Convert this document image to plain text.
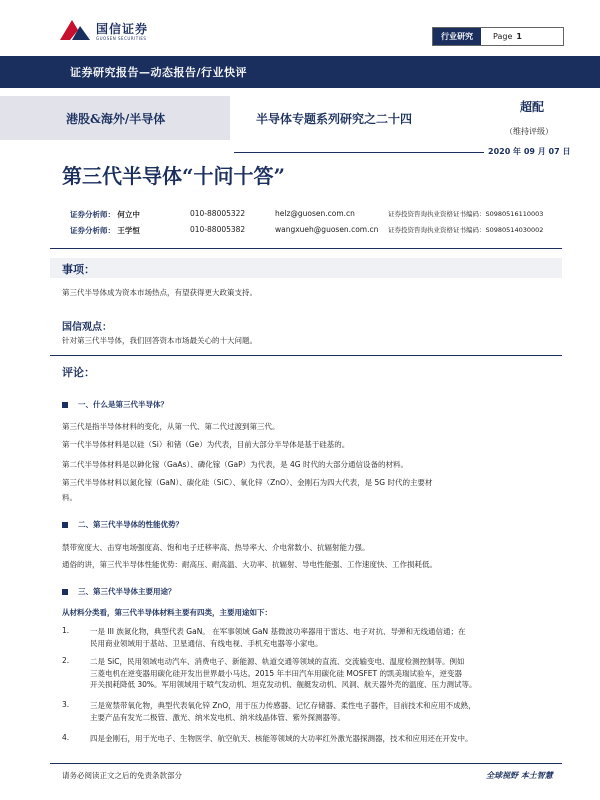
国信证券
GUOSEN SECURITIES	行业研究	Page 1
证券研究报告—动态报告/行业快评
港股&海外/半导体	半导体专题系列研究之二十四
超配
（维持评级）
2020 年 09 月 07 日
第三代半导体“十问十答”
证券分析师： 何立中	010-88005322	helz@guosen.com.cn	证券投资咨询执业资格证书编码：S0980516110003
证券分析师： 王学恒	010-88005382	wangxueh@guosen.com.cn 证券投资咨询执业资格证书编码：S0980514030002
事项：
第三代半导体成为资本市场热点，有望获得更大政策支持。
国信观点：
针对第三代半导体，我们回答资本市场最关心的十大问题。
评论：
一、什么是第三代半导体？
第三代是指半导体材料的变化，从第一代、第二代过渡到第三代。
第一代半导体材料是以硅（Si）和锗（Ge）为代表，目前大部分半导体是基于硅基的。
第二代半导体材料是以砷化镓（GaAs）、磷化镓（GaP）为代表，是 4G 时代的大部分通信设备的材料。
第三代半导体材料以氮化镓（GaN）、碳化硅（SiC）、氧化锌（ZnO）、金刚石为四大代表，是 5G 时代的主要材
料。
二、第三代半导体的性能优势？
禁带宽度大、击穿电场强度高、饱和电子迁移率高、热导率大、介电常数小、抗辐射能力强。
通俗的讲，第三代半导体性能优势：耐高压、耐高温、大功率、抗辐射、导电性能强、工作速度快、工作损耗低。
三、第三代半导体主要用途？
从材料分类看，第三代半导体材料主要有四类，主要用途如下：
1.	一是 III 族氮化物，典型代表 GaN。 在军事领域 GaN 基微波功率器用于雷达、电子对抗、导弹和无线通信通；在
民用商业领域用于基站、卫星通信、有线电视、手机充电器等小家电。
2.	二是 SiC，民用领域电动汽车、消费电子、新能源、轨道交通等领域的直流、交流输变电、温度检测控制等。例如
三菱电机在逆变器用碳化硅开发出世界最小马达。2015 年丰田汽车用碳化硅 MOSFET 的凯美瑞试验车，逆变器
开关损耗降低 30%。军用领域用于喷气发动机、坦克发动机、舰艇发动机、风洞、航天器外壳的温度、压力测试等。
3.	三是宽禁带氧化物，典型代表氧化锌 ZnO，用于压力传感器、记忆存储器、柔性电子器件，目前技术和应用不成熟，
主要产品有发光二极管、激光、纳米发电机、纳米线晶体管、紫外探测器等。
4.	四是金刚石，用于光电子、生物医学、航空航天、核能等领域的大功率红外激光器探测器，技术和应用还在开发中。
请务必阅读正文之后的免责条款部分	全球视野 本土智慧
